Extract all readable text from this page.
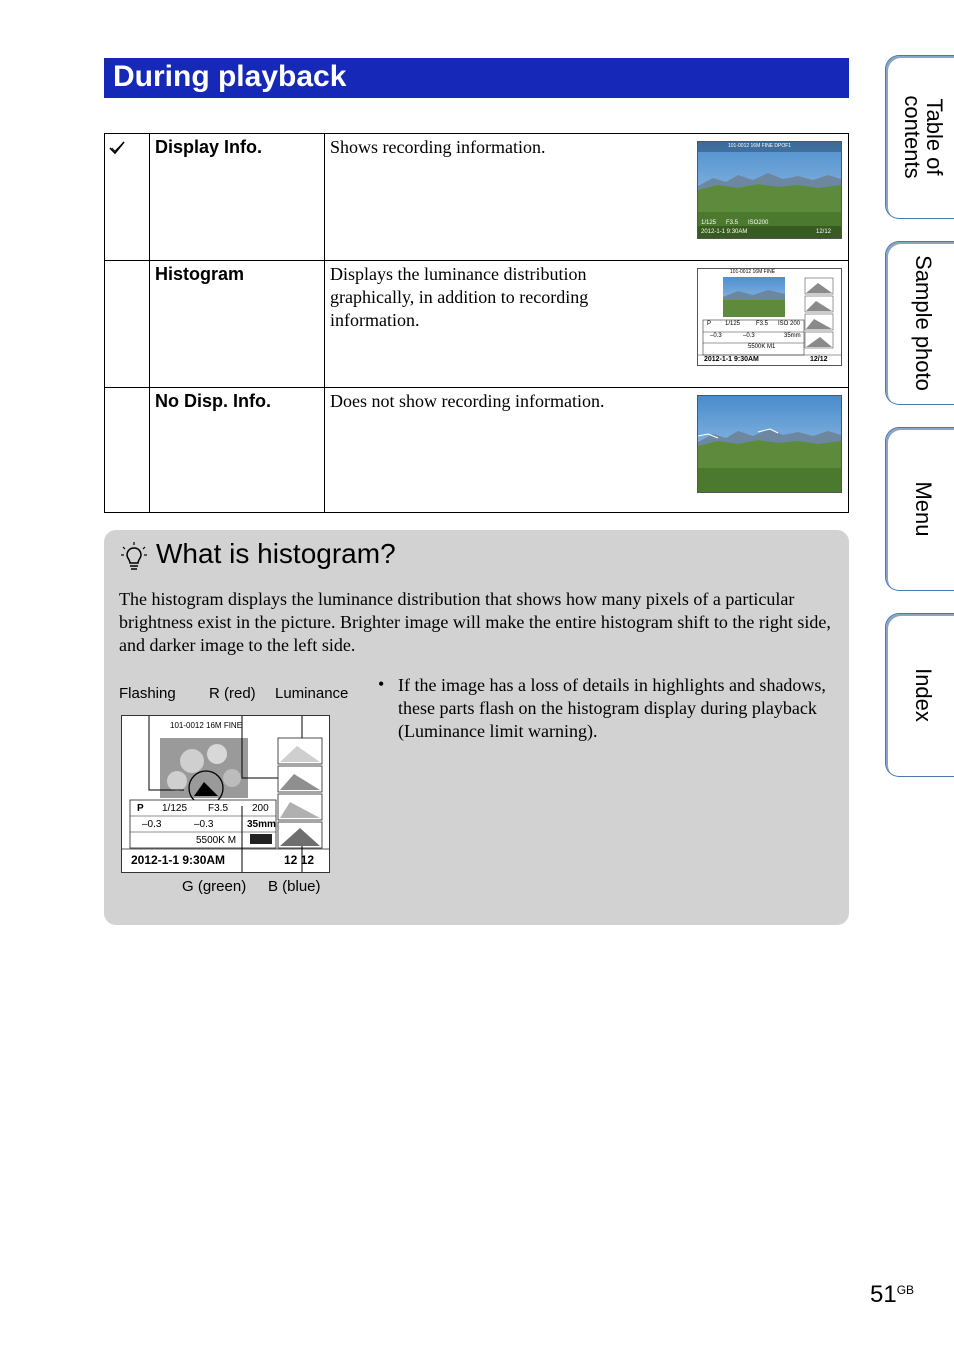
During playback
Display Info.	Shows recording information.	101-0012 16M FINE DPOF1
1/125 F3.5 ISO200
2012-1-1 9:30AM	12/12
Histogram	Displays the luminance distribution graphically, in addition to recording information.
101-0012 16M FINE
P 1/125	F3.5 ISO 200
–0.3	–0.3	35mm
5500K M1
2012-1-1 9:30AM	12/12
No Disp. Info.	Does not show recording information.
What is histogram?
The histogram displays the luminance distribution that shows how many pixels of a particular brightness exist in the picture. Brighter image will make the entire histogram shift to the right side, and darker image to the left side.
Flashing R (red) Luminance
G (green) B (blue)
101-0012 16M FINE
P 1/125 F3.5 200
–0.3	–0.3	35mm
5500K M
2012-1-1 9:30AM	12 12
• If the image has a loss of details in highlights and shadows, these parts flash on the histogram display during playback (Luminance limit warning).
Table of contents
Sample photo
Menu
Index
$51^{GB}$
